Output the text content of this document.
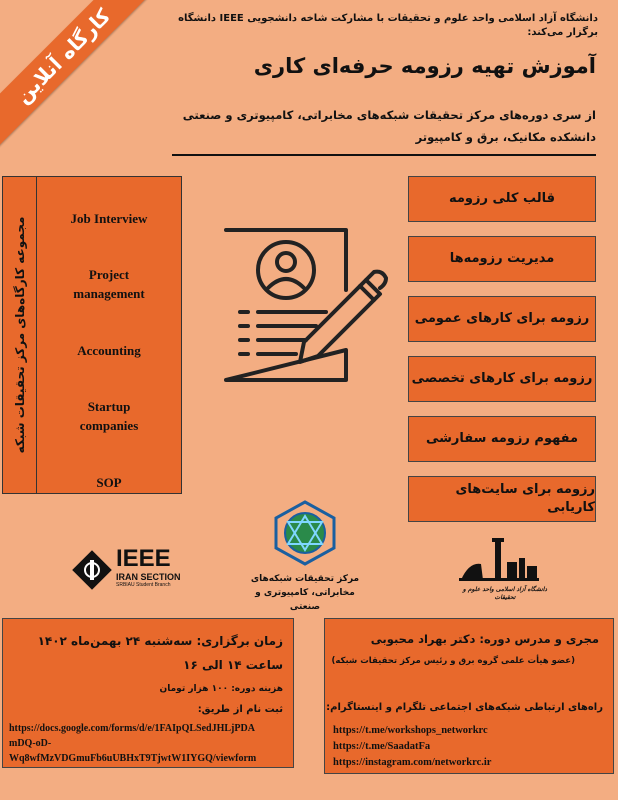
کارگاه آنلاین	دانشگاه آزاد اسلامی واحد علوم و تحقیقات با مشارکت شاخه دانشجویی IEEE دانشگاه برگزار می‌کند:
آموزش تهیه رزومه حرفه‌ای کاری
از سری دوره‌های مرکز تحقیقات شبکه‌های مخابراتی، کامپیوتری و صنعتی
دانشکده مکانیک، برق و کامپیوتر
مجموعه کارگاه‌های مرکز تحقیقات شبکه	Job Interview
Project management
Accounting
Startup companies
SOP
قالب کلی رزومه
مدیریت رزومه‌ها
رزومه برای کارهای عمومی
رزومه برای کارهای تخصصی
مفهوم رزومه سفارشی
رزومه برای سایت‌های کاریابی
IEEE
IRAN SECTION
SRBIAU Student Branch
مرکز تحقیقات شبکه‌های
مخابراتی، کامپیوتری و صنعتی
دانشگاه آزاد اسلامی واحد علوم و تحقیقات
زمان برگزاری: سه‌شنبه ۲۴ بهمن‌ماه ۱۴۰۲
ساعت ۱۴ الی ۱۶
هزینه دوره: ۱۰۰ هزار تومان
ثبت نام از طریق:
https://docs.google.com/forms/d/e/1FAIpQLSedJHLjPDA
mDQ-oD-
Wq8wfMzVDGmuFb6uUBHxT9TjwtW1IYGQ/viewform
مجری و مدرس دوره: دکتر بهراد محبوبی
(عضو هیأت علمی گروه برق و رئیس مرکز تحقیقات شبکه)
راه‌های ارتباطی شبکه‌های اجتماعی تلگرام و اینستاگرام:
https://t.me/workshops_networkrc
https://t.me/SaadatFa
https://instagram.com/networkrc.ir
